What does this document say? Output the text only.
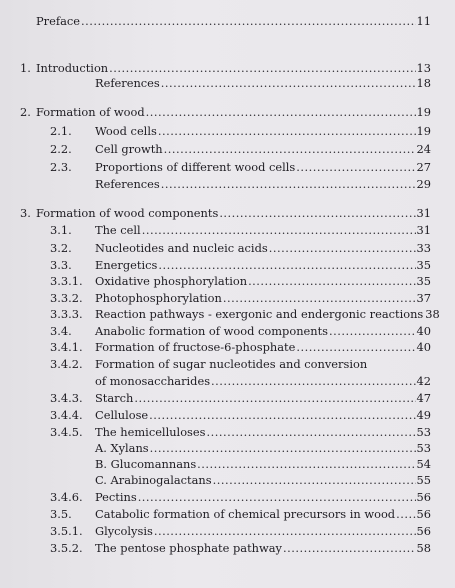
Preface .....	11
1. Introduction .....	13
References .....	18
2. Formation of wood .....	19
2.1. Wood cells .....	19
2.2. Cell growth .....	24
2.3. Proportions of different wood cells .....	27
References .....	29
3. Formation of wood components .....	31
3.1. The cell .....	31
3.2. Nucleotides and nucleic acids .....	33
3.3. Energetics .....	35
3.3.1. Oxidative phosphorylation .....	35
3.3.2. Photophosphorylation .....	37
3.3.3. Reaction pathways - exergonic and endergonic reactions 38
3.4. Anabolic formation of wood components .....	40
3.4.1. Formation of fructose-6-phosphate .....	40
3.4.2. Formation of sugar nucleotides and conversion
of monosaccharides .....	42
3.4.3. Starch .....	47
3.4.4. Cellulose .....	49
3.4.5. The hemicelluloses .....	53
A. Xylans .....	53
B. Glucomannans .....	54
C. Arabinogalactans .....	55
3.4.6. Pectins .....	56
3.5. Catabolic formation of chemical precursors in wood ..... 56
3.5.1. Glycolysis .....	56
3.5.2. The pentose phosphate pathway .....	58
